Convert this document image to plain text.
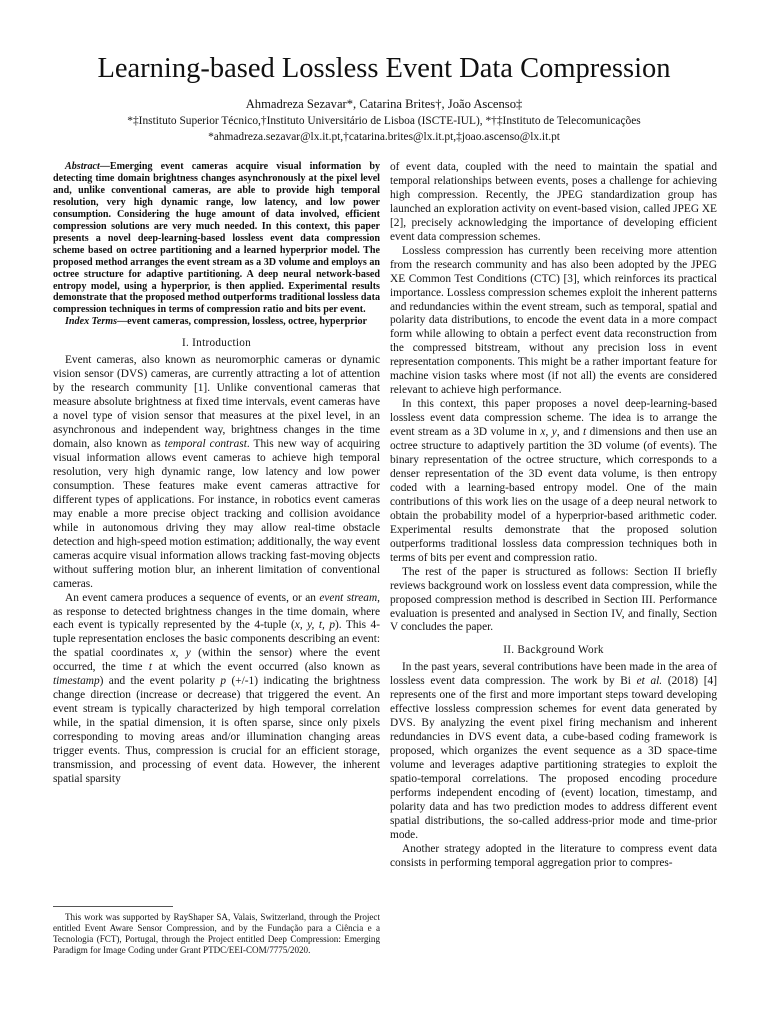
Learning-based Lossless Event Data Compression
Ahmadreza Sezavar*, Catarina Brites†, João Ascenso‡
*‡Instituto Superior Técnico,†Instituto Universitário de Lisboa (ISCTE-IUL), *†‡Instituto de Telecomunicações
*ahmadreza.sezavar@lx.it.pt,†catarina.brites@lx.it.pt,‡joao.ascenso@lx.it.pt

Abstract—Emerging event cameras acquire visual information by detecting time domain brightness changes asynchronously at the pixel level and, unlike conventional cameras, are able to provide high temporal resolution, very high dynamic range, low latency, and low power consumption. Considering the huge amount of data involved, efficient compression solutions are very much needed. In this context, this paper presents a novel deep-learning-based lossless event data compression scheme based on octree partitioning and a learned hyperprior model. The proposed method arranges the event stream as a 3D volume and employs an octree structure for adaptive partitioning. A deep neural network-based entropy model, using a hyperprior, is then applied. Experimental results demonstrate that the proposed method outperforms traditional lossless data compression techniques in terms of compression ratio and bits per event.

Index Terms—event cameras, compression, lossless, octree, hyperprior

I. Introduction

Event cameras, also known as neuromorphic cameras or dynamic vision sensor (DVS) cameras, are currently attracting a lot of attention by the research community [1]. Unlike conventional cameras that measure absolute brightness at fixed time intervals, event cameras have a novel type of vision sensor that measures at the pixel level, in an asynchronous and independent way, brightness changes in the time domain, also known as temporal contrast. This new way of acquiring visual information allows event cameras to achieve high temporal resolution, very high dynamic range, low latency and low power consumption. These features make event cameras attractive for different types of applications. For instance, in robotics event cameras may enable a more precise object tracking and collision avoidance while in autonomous driving they may allow real-time obstacle detection and high-speed motion estimation; additionally, the way event cameras acquire visual information allows tracking fast-moving objects without suffering motion blur, an inherent limitation of conventional cameras.

An event camera produces a sequence of events, or an event stream, as response to detected brightness changes in the time domain, where each event is typically represented by the 4-tuple (x, y, t, p). This 4-tuple representation encloses the basic components describing an event: the spatial coordinates x, y (within the sensor) where the event occurred, the time t at which the event occurred (also known as timestamp) and the event polarity p (+/-1) indicating the brightness change direction (increase or decrease) that triggered the event. An event stream is typically characterized by high temporal correlation while, in the spatial dimension, it is often sparse, since only pixels corresponding to moving areas and/or illumination changing areas trigger events. Thus, compression is crucial for an efficient storage, transmission, and processing of event data. However, the inherent spatial sparsity

This work was supported by RayShaper SA, Valais, Switzerland, through the Project entitled Event Aware Sensor Compression, and by the Fundação para a Ciência e a Tecnologia (FCT), Portugal, through the Project entitled Deep Compression: Emerging Paradigm for Image Coding under Grant PTDC/EEI-COM/7775/2020.

of event data, coupled with the need to maintain the spatial and temporal relationships between events, poses a challenge for achieving high compression. Recently, the JPEG standardization group has launched an exploration activity on event-based vision, called JPEG XE [2], precisely acknowledging the importance of developing efficient event data compression schemes.

Lossless compression has currently been receiving more attention from the research community and has also been adopted by the JPEG XE Common Test Conditions (CTC) [3], which reinforces its practical importance. Lossless compression schemes exploit the inherent patterns and redundancies within the event stream, such as temporal, spatial and polarity data distributions, to encode the event data in a more compact form while allowing to obtain a perfect event data reconstruction from the compressed bitstream, without any precision loss in event representation components. This might be a rather important feature for machine vision tasks where most (if not all) the events are considered relevant to achieve high performance.

In this context, this paper proposes a novel deep-learning-based lossless event data compression scheme. The idea is to arrange the event stream as a 3D volume in x, y, and t dimensions and then use an octree structure to adaptively partition the 3D volume (of events). The binary representation of the octree structure, which corresponds to a denser representation of the 3D event data volume, is then entropy coded with a learning-based entropy model. One of the main contributions of this work lies on the usage of a deep neural network to obtain the probability model of a hyperprior-based arithmetic coder. Experimental results demonstrate that the proposed solution outperforms traditional lossless data compression techniques both in terms of bits per event and compression ratio.

The rest of the paper is structured as follows: Section II briefly reviews background work on lossless event data compression, while the proposed compression method is described in Section III. Performance evaluation is presented and analysed in Section IV, and finally, Section V concludes the paper.

II. Background Work

In the past years, several contributions have been made in the area of lossless event data compression. The work by Bi et al. (2018) [4] represents one of the first and more important steps toward developing effective lossless compression schemes for event data generated by DVS. By analyzing the event pixel firing mechanism and inherent redundancies in DVS event data, a cube-based coding framework is proposed, which organizes the event sequence as a 3D space-time volume and leverages adaptive partitioning strategies to exploit the spatio-temporal correlations. The proposed encoding procedure performs independent encoding of (event) location, timestamp, and polarity data and has two prediction modes to address different event spatial distributions, the so-called address-prior mode and time-prior mode.

Another strategy adopted in the literature to compress event data consists in performing temporal aggregation prior to compres-
